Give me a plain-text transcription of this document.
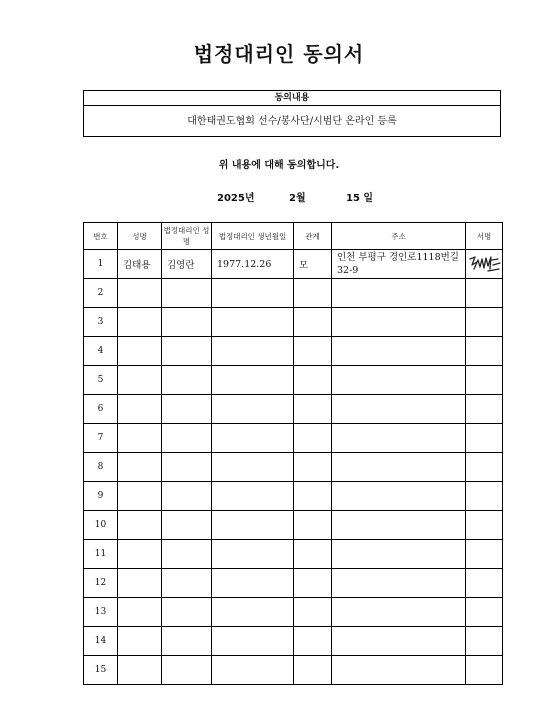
법정대리인 동의서
동의내용
대한태권도협회 선수/봉사단/시범단 온라인 등록
위 내용에 대해 동의합니다.
2025년	2월	15 일
번호	성명	법정대리인 성명	법정대리인 생년월일	관계	주소	서명
1	김태용	김영란	1977.12.26	모	인천 부평구 경인로1118번길 32-9	

2						
3						
4						
5						
6						
7						
8						
9						
10						
11						
12						
13						
14						
15						
